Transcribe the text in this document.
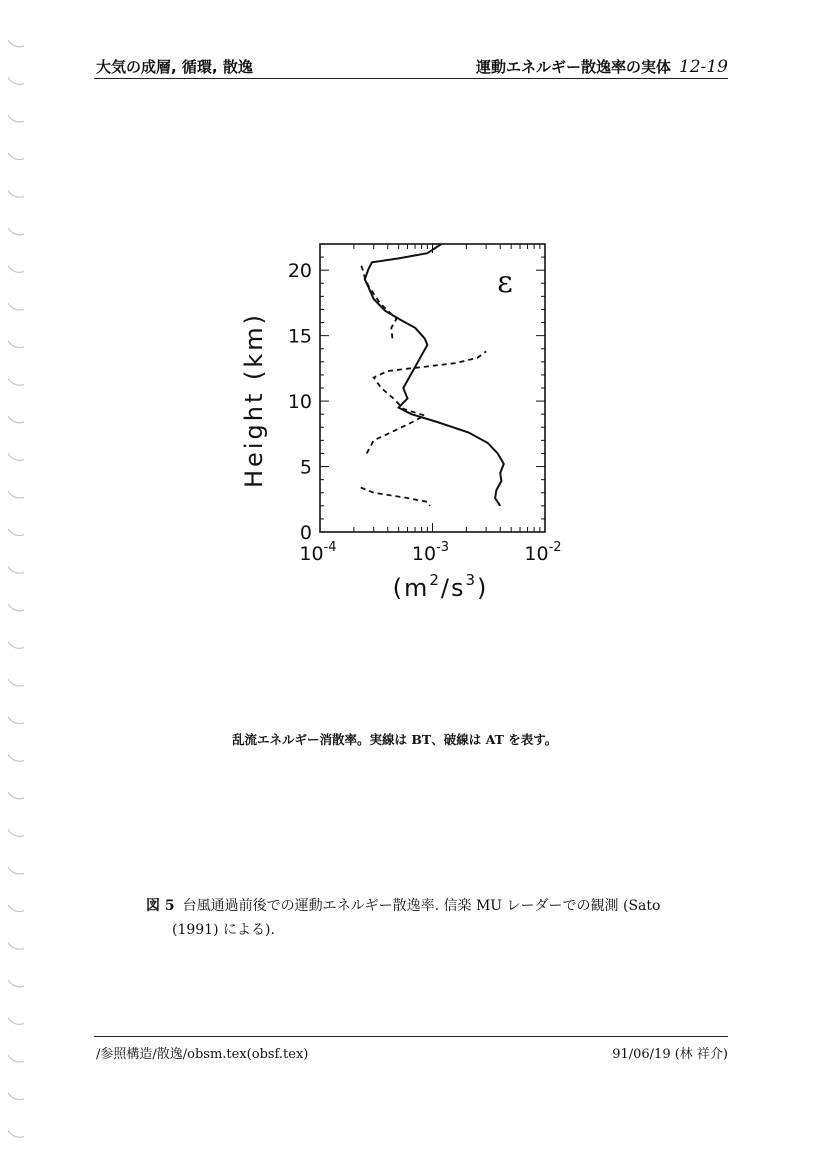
大気の成層, 循環, 散逸	運動エネルギー散逸率の実体 12-19
0
5
10
15
20
$10^{-4}$	$10^{-3}$	$10^{-2}$
Height (km)
$(m^2/s^3)$
ε
乱流エネルギー消散率。実線は BT、破線は AT を表す。
図 5 台風通過前後での運動エネルギー散逸率. 信楽 MU レーダーでの観測 (Sato
(1991) による).
/参照構造/散逸/obsm.tex(obsf.tex)	91/06/19 (林 祥介)
